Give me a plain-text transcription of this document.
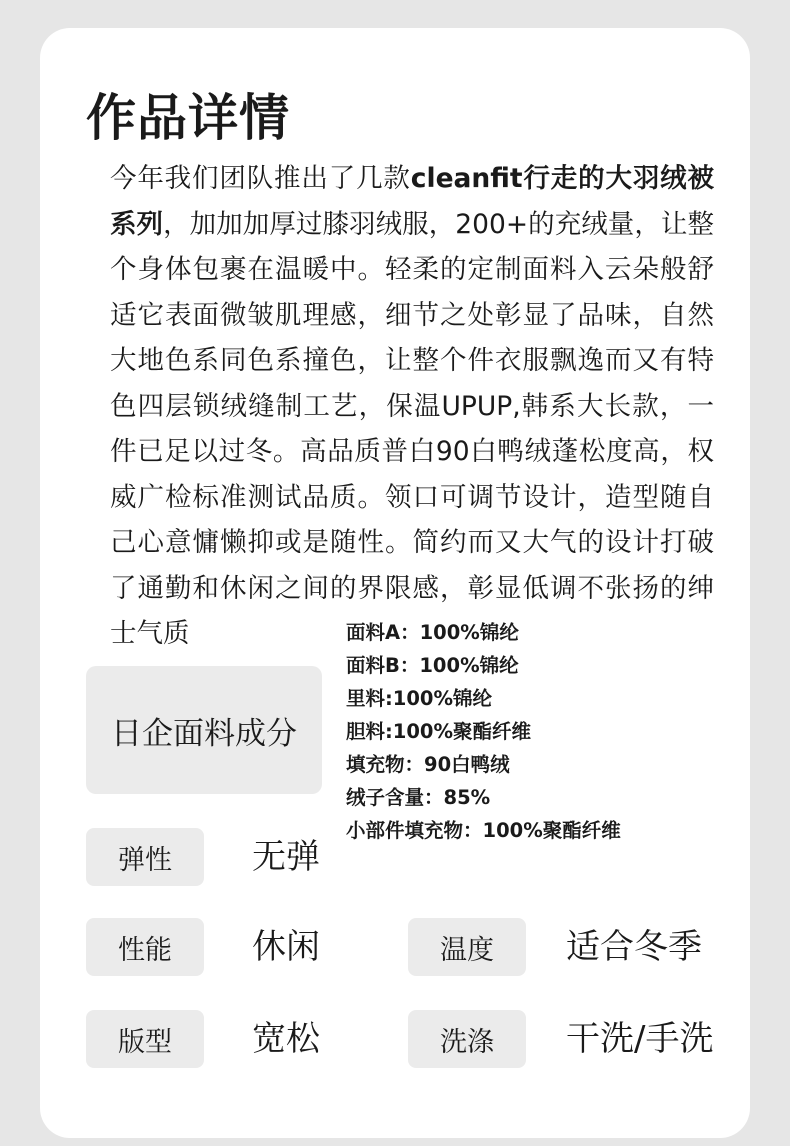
作品详情

今年我们团队推出了几款cleanfit行走的大羽绒被系列，加加加厚过膝羽绒服，200+的充绒量，让整个身体包裹在温暖中。轻柔的定制面料入云朵般舒适它表面微皱肌理感，细节之处彰显了品味，自然大地色系同色系撞色，让整个件衣服飘逸而又有特色四层锁绒缝制工艺，保温UPUP,韩系大长款，一件已足以过冬。高品质普白90白鸭绒蓬松度高，权威广检标准测试品质。领口可调节设计，造型随自己心意慵懒抑或是随性。简约而又大气的设计打破了通勤和休闲之间的界限感，彰显低调不张扬的绅士气质	面料A：100%锦纶
面料B：100%锦纶
里料:100%锦纶
胆料:100%聚酯纤维
填充物：90白鸭绒
绒子含量：85%
小部件填充物：100%聚酯纤维
日企面料成分
弹性 无弹
性能 休闲	温度 适合冬季
版型 宽松	洗涤 干洗/手洗
